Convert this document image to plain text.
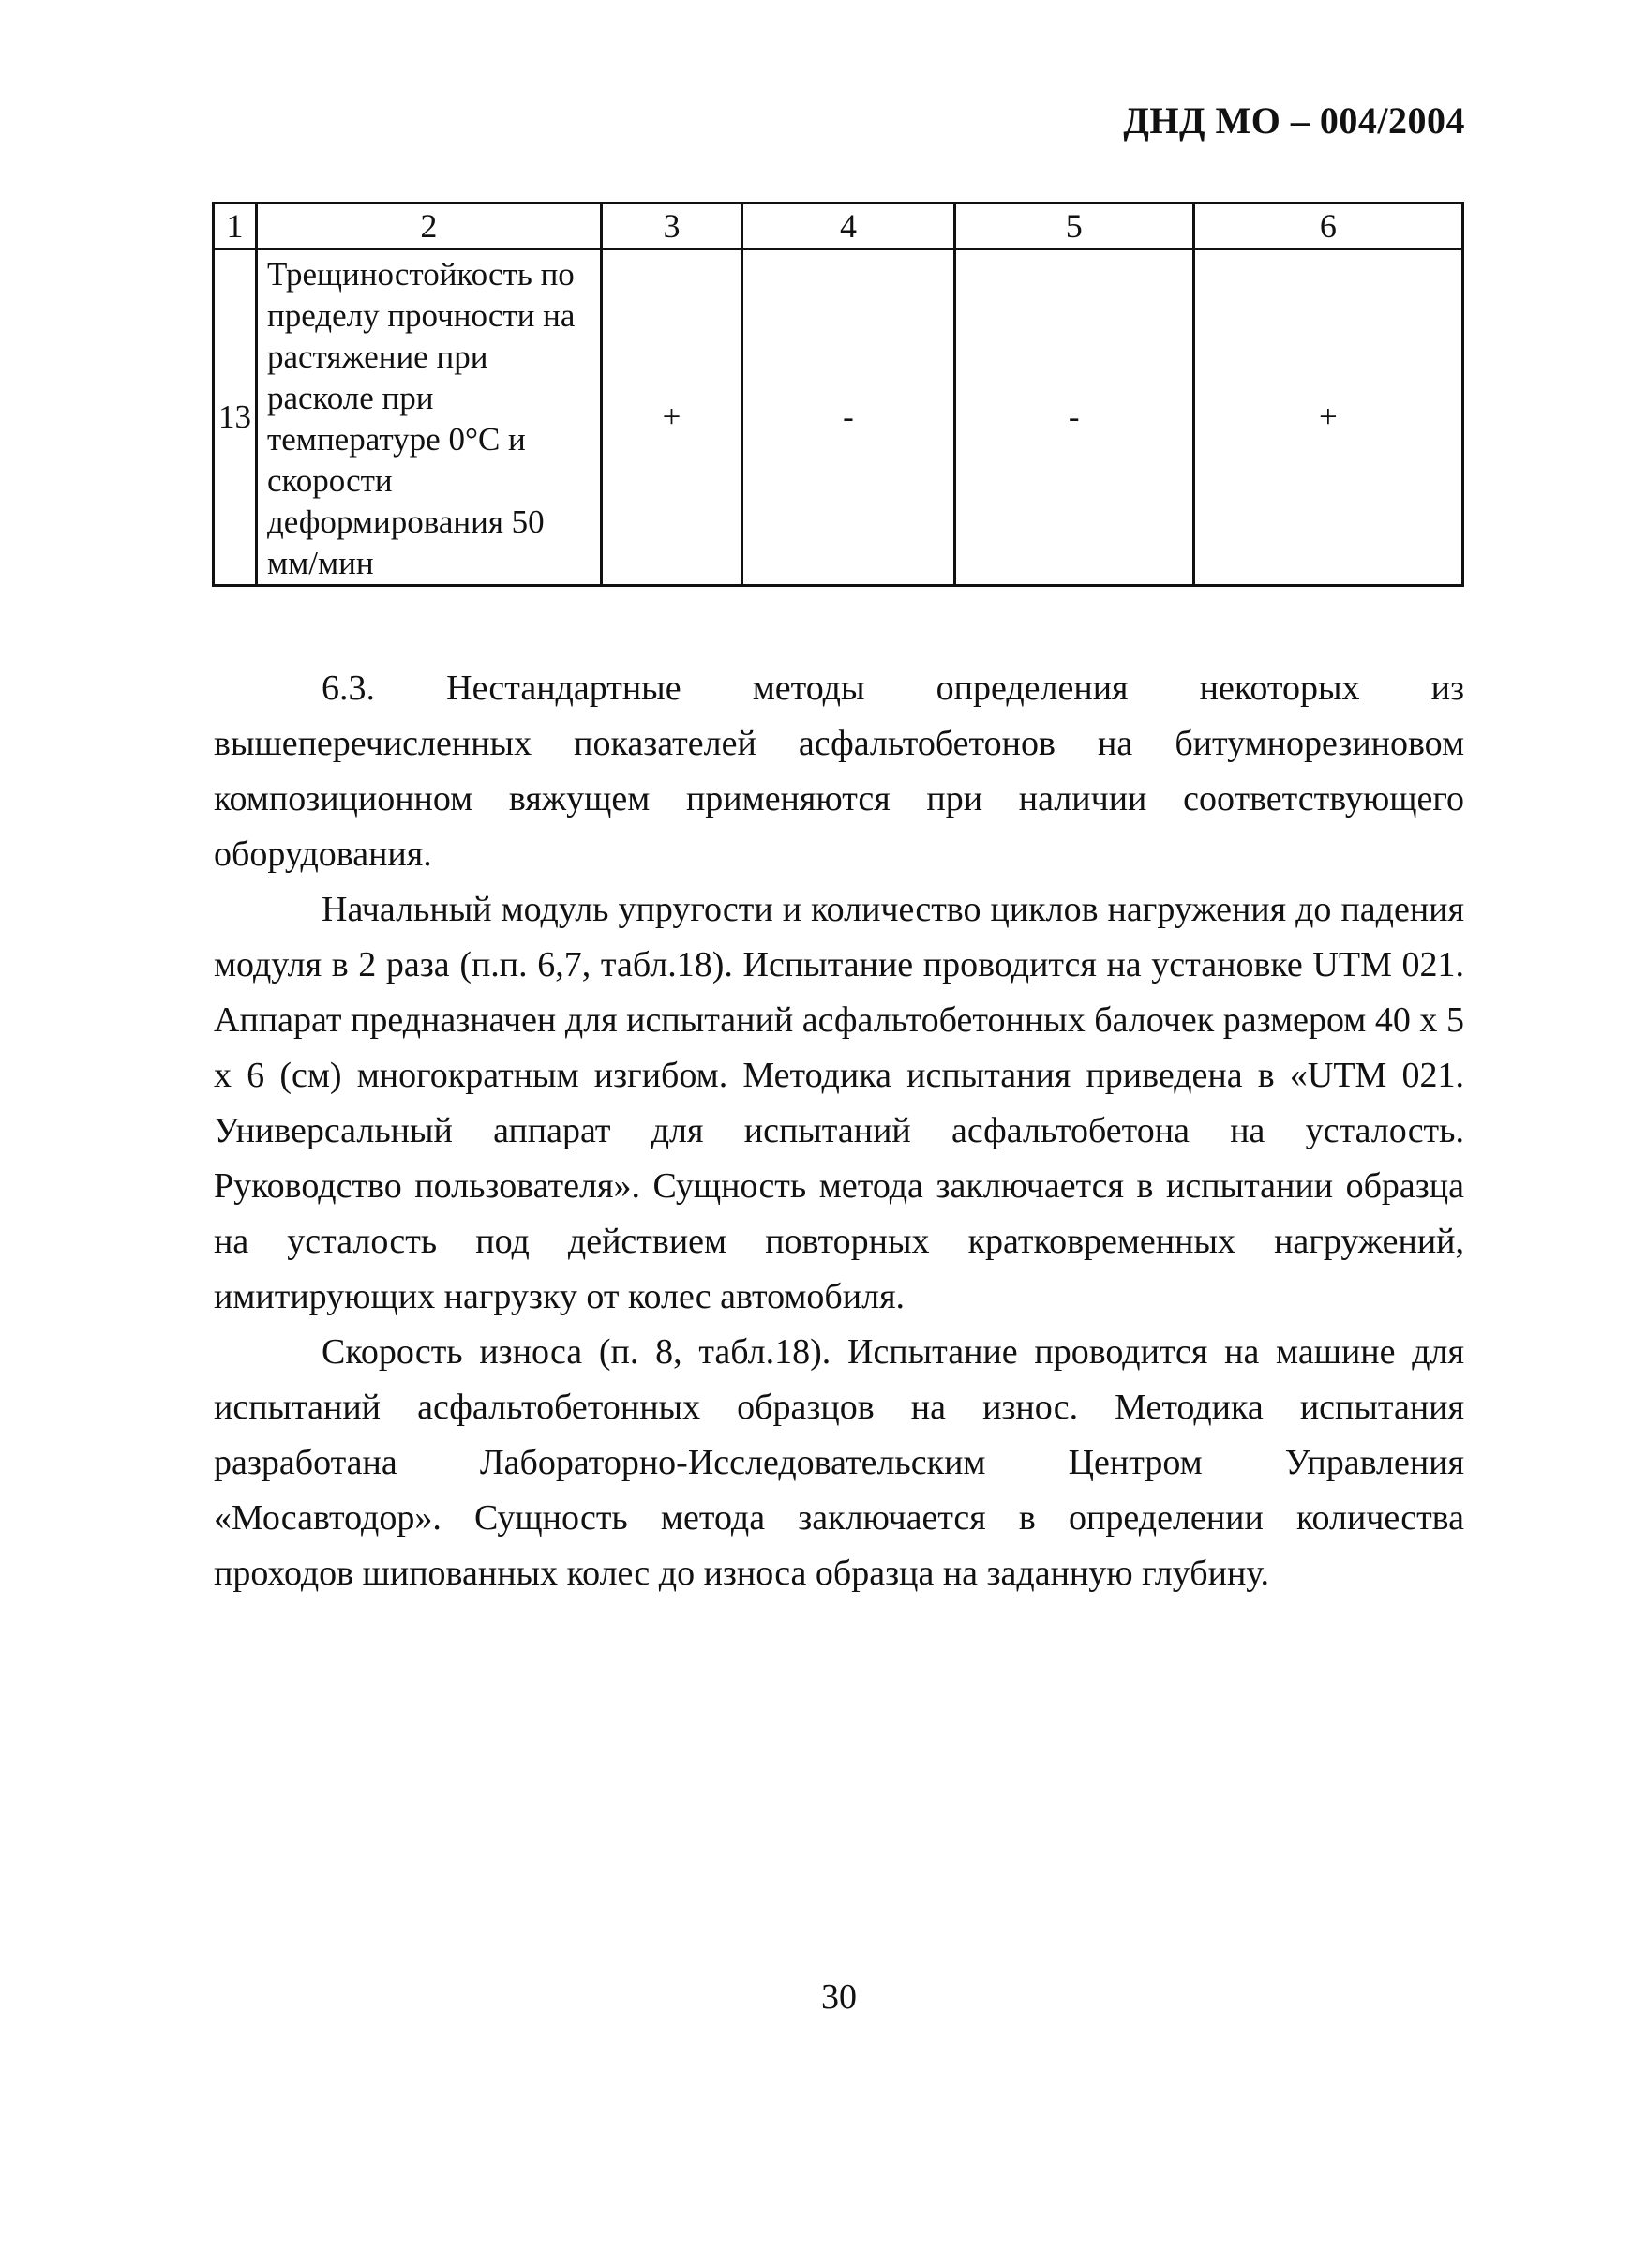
ДНД МО – 004/2004
1	2	3	4	5	6
13	Трещиностойкость по пределу прочности на растяжение при расколе при температуре 0°С и скорости деформирования 50 мм/мин	+	-	-	+

6.3. Нестандартные методы определения некоторых из вышеперечисленных показателей асфальтобетонов на битумнорезиновом композиционном вяжущем применяются при наличии соответствующего оборудования.

Начальный модуль упругости и количество циклов нагружения до падения модуля в 2 раза (п.п. 6,7, табл.18). Испытание проводится на установке UTM 021. Аппарат предназначен для испытаний асфальтобетонных балочек размером 40 х 5 х 6 (см) многократным изгибом. Методика испытания приведена в «UTM 021. Универсальный аппарат для испытаний асфальтобетона на усталость. Руководство пользователя». Сущность метода заключается в испытании образца на усталость под действием повторных кратковременных нагружений, имитирующих нагрузку от колес автомобиля.

Скорость износа (п. 8, табл.18). Испытание проводится на машине для испытаний асфальтобетонных образцов на износ. Методика испытания разработана Лабораторно-Исследовательским Центром Управления «Мосавтодор». Сущность метода заключается в определении количества проходов шипованных колес до износа образца на заданную глубину.

30
